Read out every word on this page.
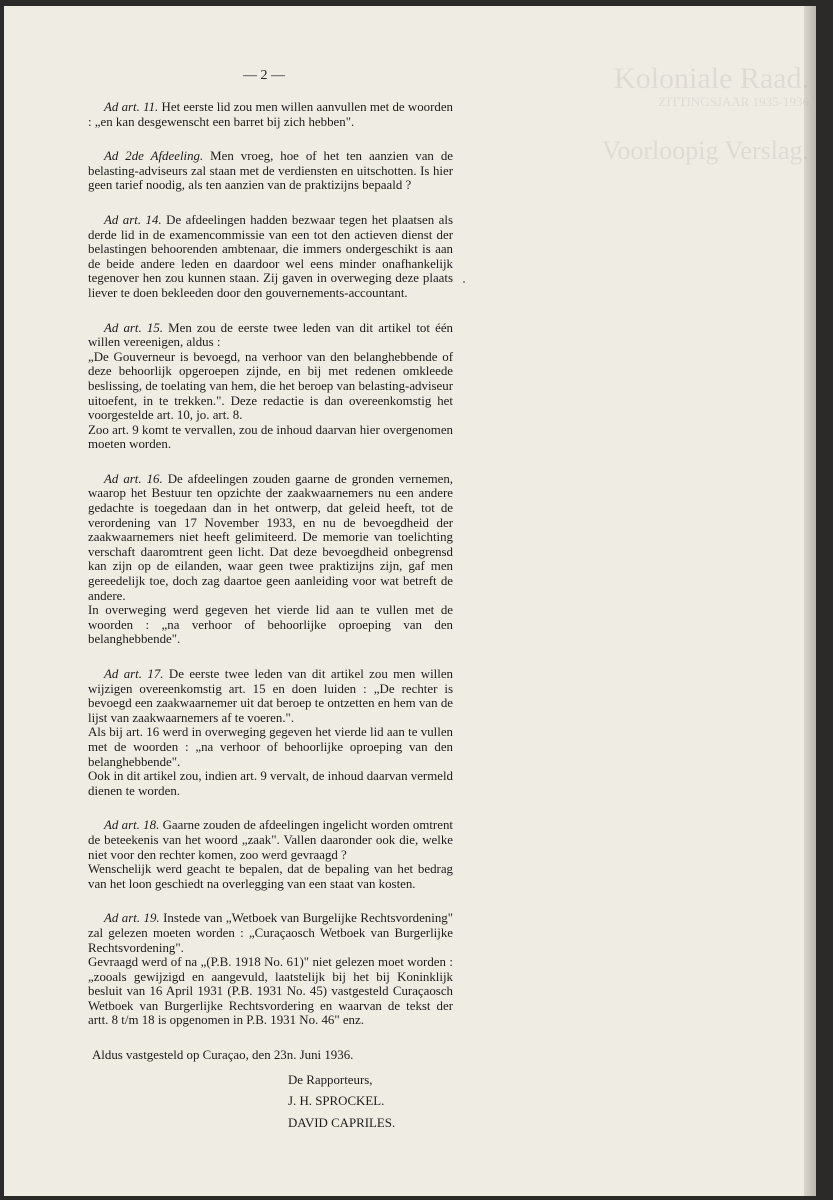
Koloniale Raad.
ZITTINGSJAAR 1935-1936
Voorloopig Verslag.
— 2 —

Ad art. 11. Het eerste lid zou men willen aanvullen met de woorden : „en kan desgewenscht een barret bij zich hebben".

Ad 2de Afdeeling. Men vroeg, hoe of het ten aanzien van de belasting-adviseurs zal staan met de verdiensten en uitschotten. Is hier geen tarief noodig, als ten aanzien van de praktizijns bepaald ?

Ad art. 14. De afdeelingen hadden bezwaar tegen het plaatsen als derde lid in de examencommissie van een tot den actieven dienst der belastingen behoorenden ambtenaar, die immers ondergeschikt is aan de beide andere leden en daardoor wel eens minder onafhankelijk tegenover hen zou kunnen staan. Zij gaven in overweging deze plaats liever te doen bekleeden door den gouvernements-accountant.

Ad art. 15. Men zou de eerste twee leden van dit artikel tot één willen vereenigen, aldus :

„De Gouverneur is bevoegd, na verhoor van den belanghebbende of deze behoorlijk opgeroepen zijnde, en bij met redenen omkleede beslissing, de toelating van hem, die het beroep van belasting-adviseur uitoefent, in te trekken.". Deze redactie is dan overeenkomstig het voorgestelde art. 10, jo. art. 8.

Zoo art. 9 komt te vervallen, zou de inhoud daarvan hier overgenomen moeten worden.

Ad art. 16. De afdeelingen zouden gaarne de gronden vernemen, waarop het Bestuur ten opzichte der zaakwaarnemers nu een andere gedachte is toegedaan dan in het ontwerp, dat geleid heeft, tot de verordening van 17 November 1933, en nu de bevoegdheid der zaakwaarnemers niet heeft gelimiteerd. De memorie van toelichting verschaft daaromtrent geen licht. Dat deze bevoegdheid onbegrensd kan zijn op de eilanden, waar geen twee praktizijns zijn, gaf men gereedelijk toe, doch zag daartoe geen aanleiding voor wat betreft de andere.

In overweging werd gegeven het vierde lid aan te vullen met de woorden : „na verhoor of behoorlijke oproeping van den belanghebbende".

Ad art. 17. De eerste twee leden van dit artikel zou men willen wijzigen overeenkomstig art. 15 en doen luiden : „De rechter is bevoegd een zaakwaarnemer uit dat beroep te ontzetten en hem van de lijst van zaakwaarnemers af te voeren.".

Als bij art. 16 werd in overweging gegeven het vierde lid aan te vullen met de woorden : „na verhoor of behoorlijke oproeping van den belanghebbende".

Ook in dit artikel zou, indien art. 9 vervalt, de inhoud daarvan vermeld dienen te worden.

Ad art. 18. Gaarne zouden de afdeelingen ingelicht worden omtrent de beteekenis van het woord „zaak". Vallen daaronder ook die, welke niet voor den rechter komen, zoo werd gevraagd ?

Wenschelijk werd geacht te bepalen, dat de bepaling van het bedrag van het loon geschiedt na overlegging van een staat van kosten.

Ad art. 19. Instede van „Wetboek van Burgelijke Rechtsvordening" zal gelezen moeten worden : „Curaçaosch Wetboek van Burgerlijke Rechtsvordening".

Gevraagd werd of na „(P.B. 1918 No. 61)" niet gelezen moet worden : „zooals gewijzigd en aangevuld, laatstelijk bij het bij Koninklijk besluit van 16 April 1931 (P.B. 1931 No. 45) vastgesteld Curaçaosch Wetboek van Burgerlijke Rechtsvordering en waarvan de tekst der artt. 8 t/m 18 is opgenomen in P.B. 1931 No. 46" enz.

Aldus vastgesteld op Curaçao, den 23n. Juni 1936.
De Rapporteurs,
J. H. SPROCKEL.
DAVID CAPRILES.
